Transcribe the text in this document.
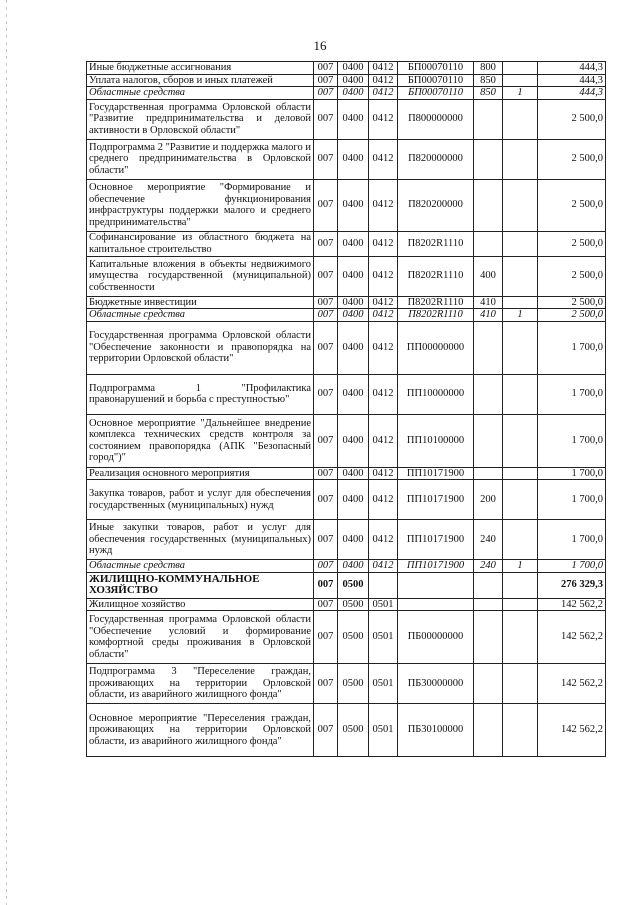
16
Иные бюджетные ассигнования	007	0400	0412	БП00070110	800		444,3
Уплата налогов, сборов и иных платежей	007	0400	0412	БП00070110	850		444,3
Областные средства	007	0400	0412	БП00070110	850	1	444,3
Государственная программа Орловской области "Развитие предпринимательства и деловой активности в Орловской области"	007	0400	0412	П800000000			2 500,0
Подпрограмма 2 "Развитие и поддержка малого и среднего предпринимательства в Орловской области"	007	0400	0412	П820000000			2 500,0
Основное мероприятие "Формирование и обеспечение функционирования инфраструктуры поддержки малого и среднего предпринимательства"	007	0400	0412	П820200000			2 500,0
Софинансирование из областного бюджета на капитальное строительство	007	0400	0412	П8202R1110			2 500,0
Капитальные вложения в объекты недвижимого имущества государственной (муниципальной) собственности	007	0400	0412	П8202R1110	400		2 500,0
Бюджетные инвестиции	007	0400	0412	П8202R1110	410		2 500,0
Областные средства	007	0400	0412	П8202R1110	410	1	2 500,0
Государственная программа Орловской области "Обеспечение законности и правопорядка на территории Орловской области"	007	0400	0412	ПП00000000			1 700,0
Подпрограмма 1 "Профилактика правонарушений и борьба с преступностью"	007	0400	0412	ПП10000000			1 700,0
Основное мероприятие "Дальнейшее внедрение комплекса технических средств контроля за состоянием правопорядка (АПК "Безопасный город")"	007	0400	0412	ПП10100000			1 700,0
Реализация основного мероприятия	007	0400	0412	ПП10171900			1 700,0
Закупка товаров, работ и услуг для обеспечения государственных (муниципальных) нужд	007	0400	0412	ПП10171900	200		1 700,0
Иные закупки товаров, работ и услуг для обеспечения государственных (муниципальных) нужд	007	0400	0412	ПП10171900	240		1 700,0
Областные средства	007	0400	0412	ПП10171900	240	1	1 700,0
ЖИЛИЩНО-КОММУНАЛЬНОЕ ХОЗЯЙСТВО	007	0500					276 329,3
Жилищное хозяйство	007	0500	0501				142 562,2
Государственная программа Орловской области "Обеспечение условий и формирование комфортной среды проживания в Орловской области"	007	0500	0501	ПБ00000000			142 562,2
Подпрограмма 3 "Переселение граждан, проживающих на территории Орловской области, из аварийного жилищного фонда"	007	0500	0501	ПБ30000000			142 562,2
Основное мероприятие "Переселения граждан, проживающих на территории Орловской области, из аварийного жилищного фонда"	007	0500	0501	ПБ30100000			142 562,2
